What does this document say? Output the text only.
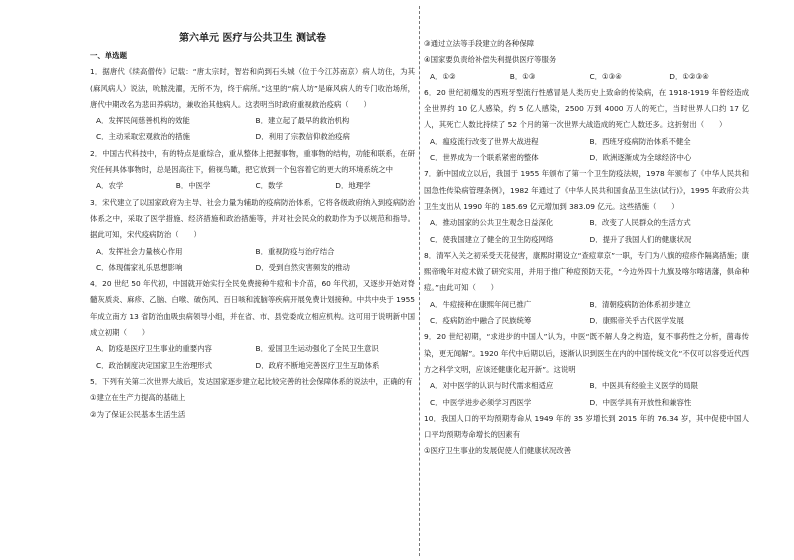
第六单元 医疗与公共卫生 测试卷
一、单选题

1．据唐代《续高僧传》记载：“唐太宗时，智岩和尚到石头城（位于今江苏南京）病人坊住，为其(麻风病人）说法，吮脓洗濯，无所不为，终于病所。”这里的“病人坊”是麻风病人的专门收治场所，唐代中期改名为悲田养病坊，兼收治其他病人。这表明当时政府重视救治疫病（　　）

A．发挥民间慈善机构的效能	B．建立起了最早的救治机构
C．主动采取宏观救治的措施	D．利用了宗教信仰救治疫病

2．中国古代科技中，有的特点是重综合，重从整体上把握事物，重事物的结构，功能和联系，在研究任何具体事物时，总是因高往下，俯视鸟瞰，把它放到一个包容着它的更大的环境系统之中

A．农学	B．中医学	C．数学	D．地理学

3．宋代建立了以国家政府为主导、社会力量为辅助的疫病防治体系，它将各级政府纳入到疫病防治体系之中，采取了医学措施、经济措施和政治措施等，并对社会民众的救助作为予以规范和指导。据此可知，宋代疫病防治（　　）

A．发挥社会力量核心作用	B．重视防疫与治疗结合
C．体现儒家礼乐思想影响	D．受到自然灾害频发的推动

4．20 世纪 50 年代初，中国就开始实行全民免费接种牛痘和卡介苗，60 年代初，又逐步开始对脊髓灰质炎、麻疹、乙脑、白喉、破伤风、百日咳和流脑等疾病开展免费计划接种。中共中央于 1955 年成立南方 13 省防治血吸虫病领导小组，并在省、市、县党委成立相应机构。这可用于说明新中国成立初期（　　）

A．防疫是医疗卫生事业的重要内容	B．爱国卫生运动强化了全民卫生意识
C．政治制度决定国家卫生治理形式	D．政府不断地完善医疗卫生互助体系

5．下列有关第二次世界大战后，发达国家逐步建立起比较完善的社会保障体系的说法中，正确的有

①建立在生产力提高的基础上

②为了保证公民基本生活生活

③通过立法等手段建立的各种保障

④国家要负责给补偿失利提供医疗等服务

A．①②	B．①③	C．①③④	D．①②③④

6．20 世纪初爆发的西班牙型流行性感冒是人类历史上致命的传染病，在 1918-1919 年曾经造成全世界约 10 亿人感染，约 5 亿人感染，2500 万到 4000 万人的死亡，当时世界人口约 17 亿人，其死亡人数比持续了 52 个月的第一次世界大战造成的死亡人数还多。这折射出（　　）

A．瘟疫流行改变了世界大战进程	B．西班牙疫病防治体系不健全
C．世界成为一个联系紧密的整体	D．欧洲逐渐成为全球经济中心

7．新中国成立以后，我国于 1955 年颁布了第一个卫生防疫法规，1978 年颁布了《中华人民共和国急性传染病管理条例》，1982 年通过了《中华人民共和国食品卫生法(试行)》，1995 年政府公共卫生支出从 1990 年的 185.69 亿元增加到 383.09 亿元。这些措施（　　）

A．推动国家的公共卫生观念日益深化	B．改变了人民群众的生活方式
C．使我国建立了健全的卫生防疫网络	D．提升了我国人们的健康状况

8．清军入关之初采受天花侵害，康熙时期设立“查痘章京”一职，专门为八旗的痘疹作隔离措施；康熙帝晚年对痘术做了研究实用，并用于推广种痘预防天花，“今边外四十九旗及喀尔喀诸藩，俱命种痘。”由此可知（　　）

A．牛痘接种在康熙年间已推广	B．清朝疫病防治体系初步建立
C．疫病防治中融合了民族统筹	D．康熙帝关乎古代医学发展

9．20 世纪初期，“求进步的中国人”认为，中医“既不解人身之构造，复不事药性之分析，菌毒传染，更无闻解”。1920 年代中后期以后，逐渐认识到医生在内的中国传统文化“不仅可以容受近代西方之科学文明，应该还健康化起开新”。这说明

A．对中医学的认识与时代需求相适应	B．中医具有经验主义医学的局限
C．中医学进步必须学习西医学	D．中医学具有开放性和兼容性

10．我国人口的平均预期寿命从 1949 年的 35 岁增长到 2015 年的 76.34 岁，其中促使中国人口平均预期寿命增长的因素有

①医疗卫生事业的发展促使人们健康状况改善
